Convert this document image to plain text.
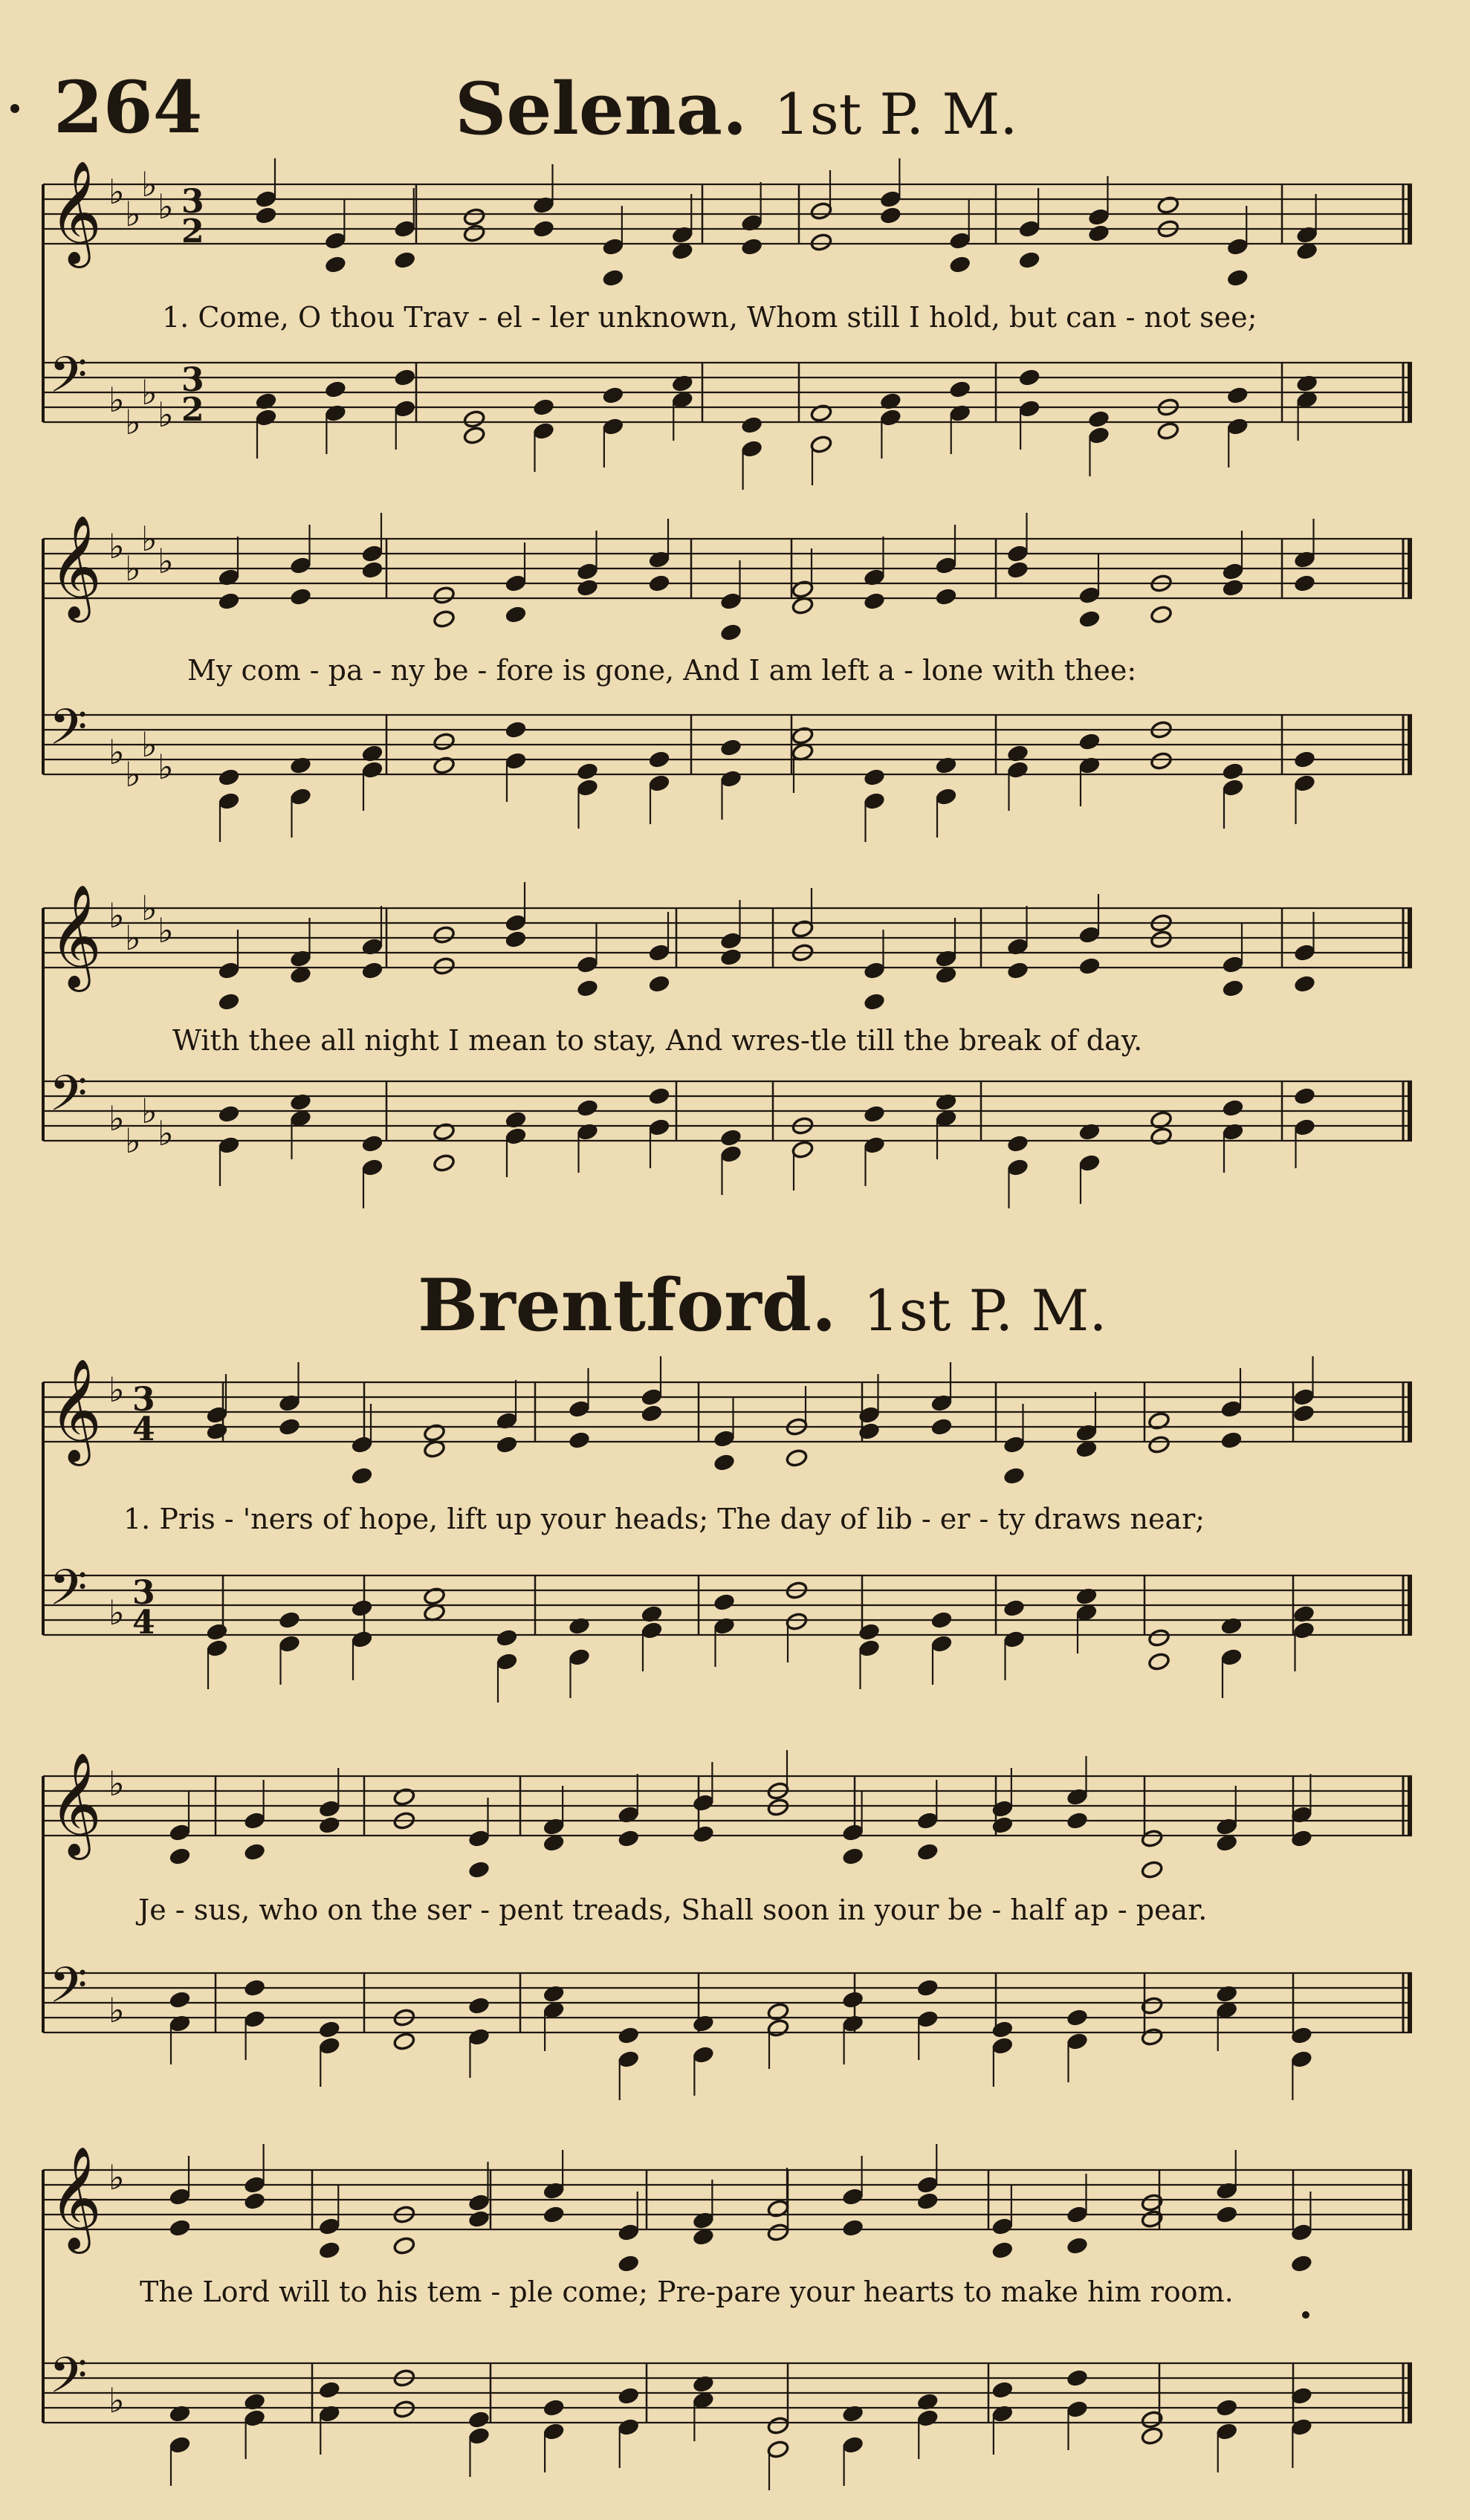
264	Selena. 1st P. M.
Brentford. 1st P. M.
𝄞 ♭
♭
♭
♭ 3
2
𝄢 ♭
♭
♭
♭
3
2
𝄞 ♭
♭
♭
♭
𝄢 ♭
♭
♭
♭
𝄞 ♭
♭
♭
♭
𝄢 ♭
♭
♭
♭
𝄞 ♭ 3
4
𝄢 ♭ 3
4
𝄞 ♭
𝄢 ♭
𝄞 ♭
𝄢 ♭
1. Come, O thou Trav - el - ler unknown, Whom still I hold, but can - not see;
My com - pa - ny be - fore is gone, And I am left a - lone with thee:
With thee all night I mean to stay, And wres-tle till the break of day.
1. Pris - 'ners of hope, lift up your heads; The day of lib - er - ty draws near;
Je - sus, who on the ser - pent treads, Shall soon in your be - half ap - pear.
The Lord will to his tem - ple come; Pre-pare your hearts to make him room.
